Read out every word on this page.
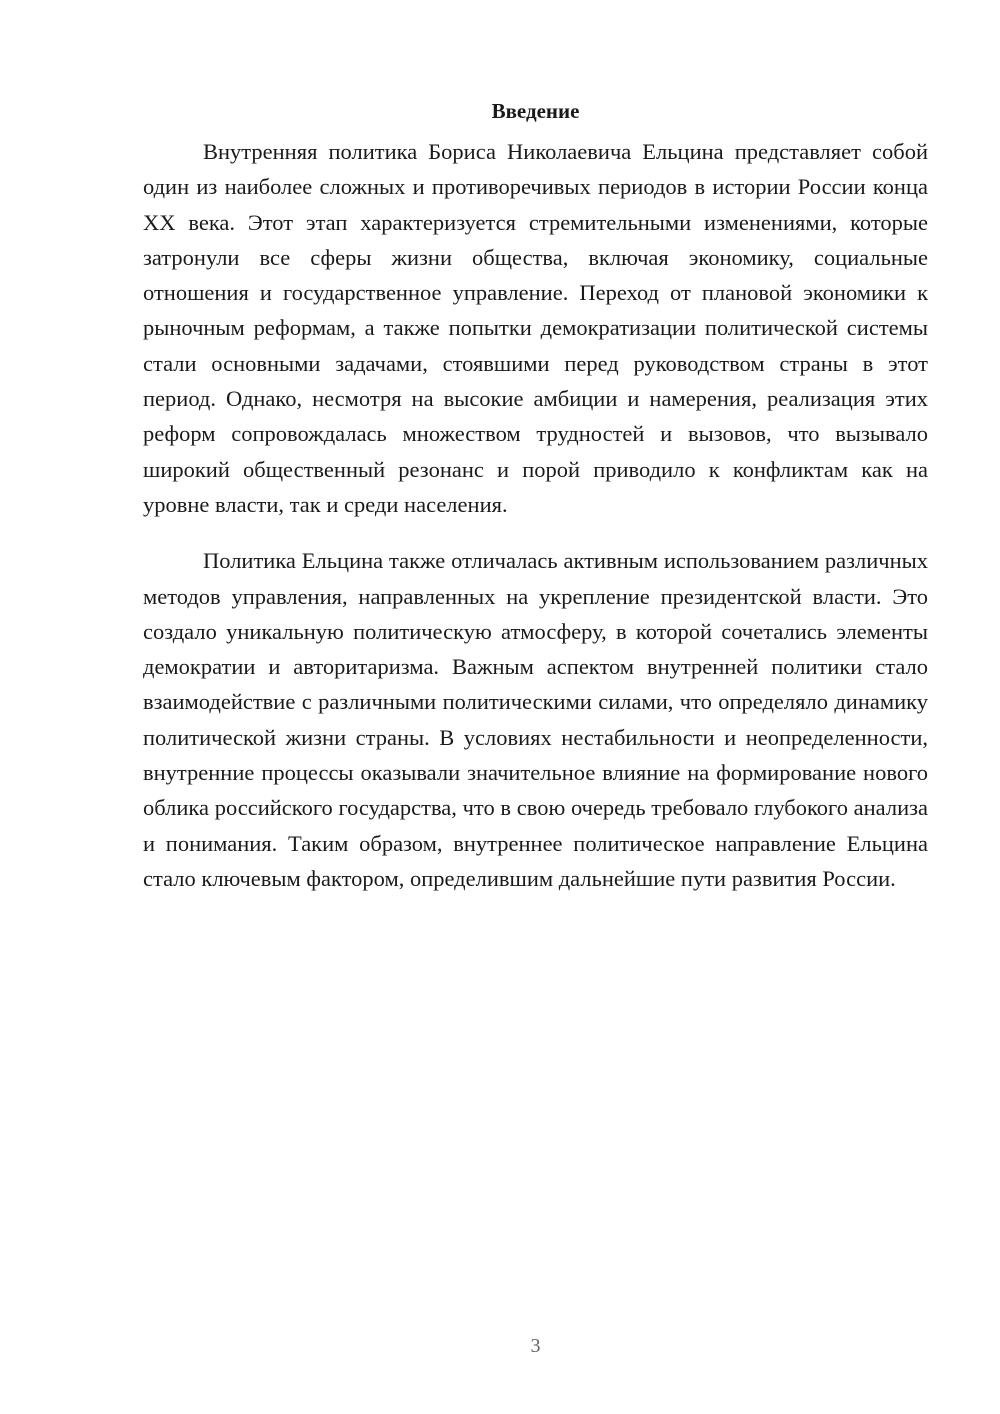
Введение

Внутренняя политика Бориса Николаевича Ельцина представляет собой один из наиболее сложных и противоречивых периодов в истории России конца XX века. Этот этап характеризуется стремительными изменениями, которые затронули все сферы жизни общества, включая экономику, социальные отношения и государственное управление. Переход от плановой экономики к рыночным реформам, а также попытки демократизации политической системы стали основными задачами, стоявшими перед руководством страны в этот период. Однако, несмотря на высокие амбиции и намерения, реализация этих реформ сопровождалась множеством трудностей и вызовов, что вызывало широкий общественный резонанс и порой приводило к конфликтам как на уровне власти, так и среди населения.

Политика Ельцина также отличалась активным использованием различных методов управления, направленных на укрепление президентской власти. Это создало уникальную политическую атмосферу, в которой сочетались элементы демократии и авторитаризма. Важным аспектом внутренней политики стало взаимодействие с различными политическими силами, что определяло динамику политической жизни страны. В условиях нестабильности и неопределенности, внутренние процессы оказывали значительное влияние на формирование нового облика российского государства, что в свою очередь требовало глубокого анализа и понимания. Таким образом, внутреннее политическое направление Ельцина стало ключевым фактором, определившим дальнейшие пути развития России.

3
